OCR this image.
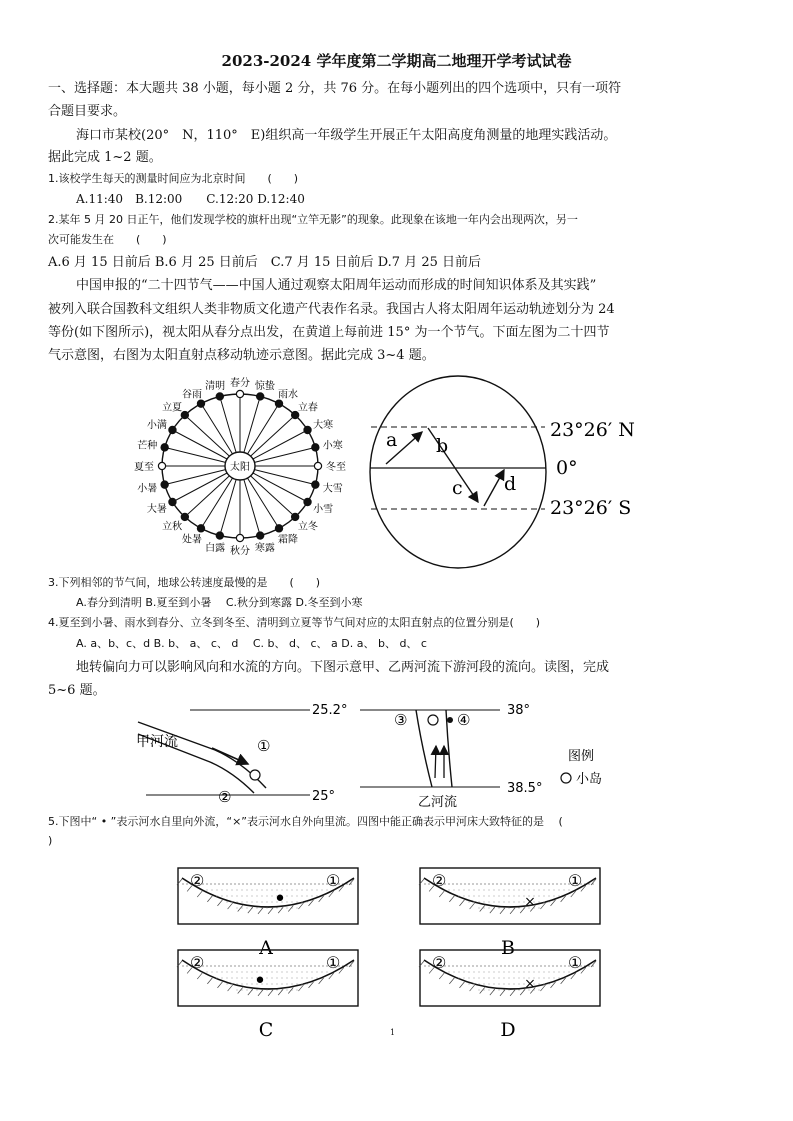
2023-2024 学年度第二学期高二地理开学考试试卷
一、选择题：本大题共 38 小题，每小题 2 分，共 76 分。在每小题列出的四个选项中，只有一项符
合题目要求。
海口市某校(20°　N，110°　E)组织高一年级学生开展正午太阳高度角测量的地理实践活动。
据此完成 1~2 题。
1.该校学生每天的测量时间应为北京时间　　(　　)
A.11:40　B.12:00　　C.12:20 D.12:40
2.某年 5 月 20 日正午，他们发现学校的旗杆出现“立竿无影”的现象。此现象在该地一年内会出现两次，另一
次可能发生在　　(　　)
A.6 月 15 日前后 B.6 月 25 日前后　C.7 月 15 日前后 D.7 月 25 日前后
中国申报的“二十四节气——中国人通过观察太阳周年运动而形成的时间知识体系及其实践”
被列入联合国教科文组织人类非物质文化遗产代表作名录。我国古人将太阳周年运动轨迹划分为 24
等份(如下图所示)，视太阳从春分点出发，在黄道上每前进 15° 为一个节气。下面左图为二十四节
气示意图，右图为太阳直射点移动轨迹示意图。据此完成 3~4 题。
太阳
春分 惊蛰
雨水
立春
大寒
小寒
冬至
大雪
小雪
立冬
霜降
寒露
秋分
白露
处暑
立秋
大暑
小暑
夏至
芒种
小满
立夏
谷雨
清明
a b
c d
23°26′ N
0°
23°26′ S
3.下列相邻的节气间，地球公转速度最慢的是　　(　　)
A.春分到清明 B.夏至到小暑　 C.秋分到寒露 D.冬至到小寒
4.夏至到小暑、雨水到春分、立冬到冬至、清明到立夏等节气间对应的太阳直射点的位置分别是(　　)
A. a、b、c、d B. b、 a、 c、 d　 C. b、 d、 c、 a D. a、 b、 d、 c
地转偏向力可以影响风向和水流的方向。下图示意甲、乙两河流下游河段的流向。读图，完成
5~6 题。
25.2°
25°
甲河流	①
②
38°
38.5°
③	④
乙河流
图例
小岛
5.下图中“ • ”表示河水自里向外流，“×”表示河水自外向里流。四图中能正确表示甲河床大致特征的是　 (
)
②	①
•
A
②	①
×
B
②	①
•
C
②	①
×
D
1
